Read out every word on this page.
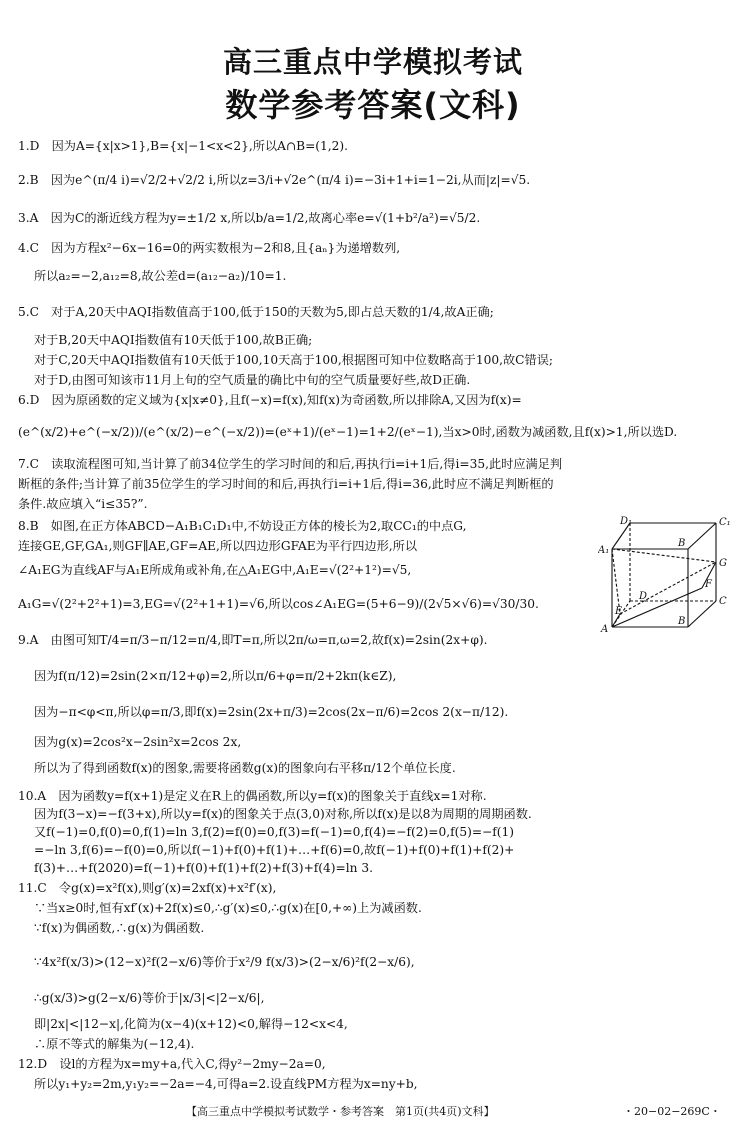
高三重点中学模拟考试
数学参考答案(文科)
1.D　因为A={x|x>1},B={x|−1<x<2},所以A∩B=(1,2).
2.B　因为e^(π/4 i)=√2/2+√2/2 i,所以z=3/i+√2e^(π/4 i)=−3i+1+i=1−2i,从而|z|=√5.
3.A　因为C的渐近线方程为y=±1/2 x,所以b/a=1/2,故离心率e=√(1+b²/a²)=√5/2.
4.C　因为方程x²−6x−16=0的两实数根为−2和8,且{aₙ}为递增数列,
所以a₂=−2,a₁₂=8,故公差d=(a₁₂−a₂)/10=1.
5.C　对于A,20天中AQI指数值高于100,低于150的天数为5,即占总天数的1/4,故A正确;
对于B,20天中AQI指数值有10天低于100,故B正确;
对于C,20天中AQI指数值有10天低于100,10天高于100,根据图可知中位数略高于100,故C错误;
对于D,由图可知该市11月上旬的空气质量的确比中旬的空气质量要好些,故D正确.
6.D　因为原函数的定义域为{x|x≠0},且f(−x)=f(x),知f(x)为奇函数,所以排除A,又因为f(x)=
(e^(x/2)+e^(−x/2))/(e^(x/2)−e^(−x/2))=(eˣ+1)/(eˣ−1)=1+2/(eˣ−1),当x>0时,函数为减函数,且f(x)>1,所以选D.
7.C　读取流程图可知,当计算了前34位学生的学习时间的和后,再执行i=i+1后,得i=35,此时应满足判
断框的条件;当计算了前35位学生的学习时间的和后,再执行i=i+1后,得i=36,此时应不满足判断框的
条件.故应填入“i≤35?”.
8.B　如图,在正方体ABCD−A₁B₁C₁D₁中,不妨设正方体的棱长为2,取CC₁的中点G,
连接GE,GF,GA₁,则GF∥AE,GF=AE,所以四边形GFAE为平行四边形,所以
∠A₁EG为直线AF与A₁E所成角或补角,在△A₁EG中,A₁E=√(2²+1²)=√5,
A₁G=√(2²+2²+1)=3,EG=√(2²+1+1)=√6,所以cos∠A₁EG=(5+6−9)/(2√5×√6)=√30/30.
9.A　由图可知T/4=π/3−π/12=π/4,即T=π,所以2π/ω=π,ω=2,故f(x)=2sin(2x+φ).
因为f(π/12)=2sin(2×π/12+φ)=2,所以π/6+φ=π/2+2kπ(k∈Z),
因为−π<φ<π,所以φ=π/3,即f(x)=2sin(2x+π/3)=2cos(2x−π/6)=2cos 2(x−π/12).
因为g(x)=2cos²x−2sin²x=2cos 2x,
所以为了得到函数f(x)的图象,需要将函数g(x)的图象向右平移π/12个单位长度.
10.A　因为函数y=f(x+1)是定义在R上的偶函数,所以y=f(x)的图象关于直线x=1对称.
因为f(3−x)=−f(3+x),所以y=f(x)的图象关于点(3,0)对称,所以f(x)是以8为周期的周期函数.
又f(−1)=0,f(0)=0,f(1)=ln 3,f(2)=f(0)=0,f(3)=f(−1)=0,f(4)=−f(2)=0,f(5)=−f(1)
=−ln 3,f(6)=−f(0)=0,所以f(−1)+f(0)+f(1)+…+f(6)=0,故f(−1)+f(0)+f(1)+f(2)+
f(3)+…+f(2020)=f(−1)+f(0)+f(1)+f(2)+f(3)+f(4)=ln 3.
11.C　令g(x)=x²f(x),则g′(x)=2xf(x)+x²f′(x),
∵当x≥0时,恒有xf′(x)+2f(x)≤0,∴g′(x)≤0,∴g(x)在[0,+∞)上为减函数.
∵f(x)为偶函数,∴g(x)为偶函数.
∵4x²f(x/3)>(12−x)²f(2−x/6)等价于x²/9 f(x/3)>(2−x/6)²f(2−x/6),
∴g(x/3)>g(2−x/6)等价于|x/3|<|2−x/6|,
即|2x|<|12−x|,化简为(x−4)(x+12)<0,解得−12<x<4,
∴原不等式的解集为(−12,4).
12.D　设l的方程为x=my+a,代入C,得y²−2my−2a=0,
所以y₁+y₂=2m,y₁y₂=−2a=−4,可得a=2.设直线PM方程为x=ny+b,
D₁	C₁
A₁
B
G
D
E
F
C
A
B
【高三重点中学模拟考试数学・参考答案　第1页(共4页)文科】	・20−02−269C・
